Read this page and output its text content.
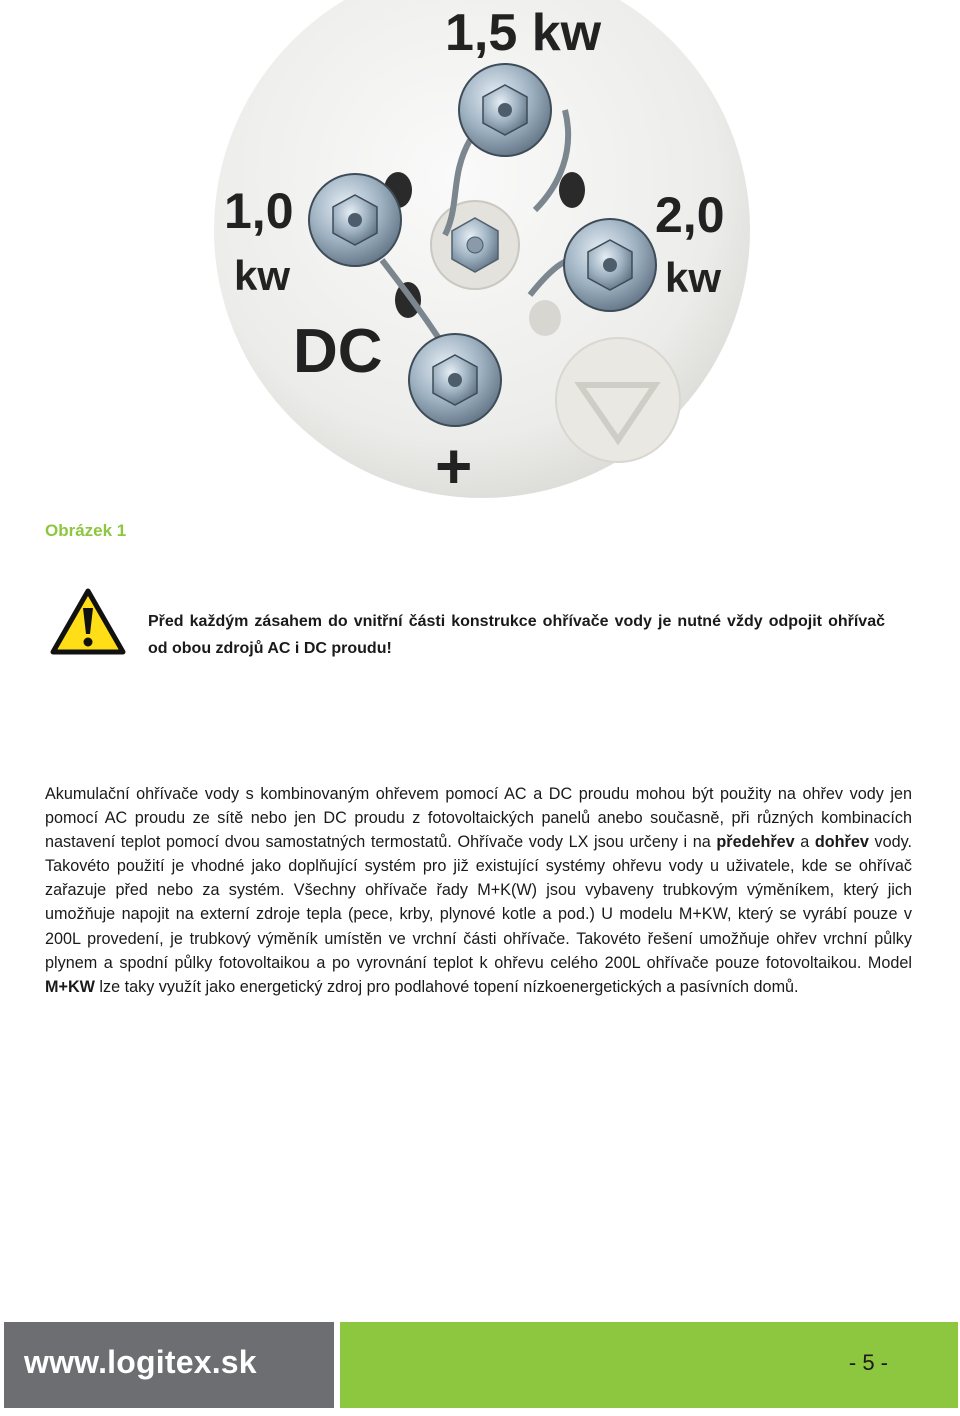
1,5 kw
1,0
kw
2,0
kw
DC
+
Obrázek 1
Před každým zásahem do vnitřní části konstrukce ohřívače vody je nutné vždy odpojit ohřívač od obou zdrojů AC i DC proudu!
Akumulační ohřívače vody s kombinovaným ohřevem pomocí AC a DC proudu mohou být použity na ohřev vody jen pomocí AC proudu ze sítě nebo jen DC proudu z fotovoltaických panelů anebo současně, při různých kombinacích nastavení teplot pomocí dvou samostatných termostatů. Ohřívače vody LX jsou určeny i na předehřev a dohřev vody. Takovéto použití je vhodné jako doplňující systém pro již existující systémy ohřevu vody u uživatele, kde se ohřívač zařazuje před nebo za systém. Všechny ohřívače řady M+K(W) jsou vybaveny trubkovým výměníkem, který jich umožňuje napojit na externí zdroje tepla (pece, krby, plynové kotle a pod.) U modelu M+KW, který se vyrábí pouze v 200L provedení, je trubkový výměník umístěn ve vrchní části ohřívače. Takovéto řešení umožňuje ohřev vrchní půlky plynem a spodní půlky fotovoltaikou a po vyrovnání teplot k ohřevu celého 200L ohřívače pouze fotovoltaikou. Model M+KW lze taky využít jako energetický zdroj pro podlahové topení nízkoenergetických a pasívních domů.
www.logitex.sk	- 5 -
